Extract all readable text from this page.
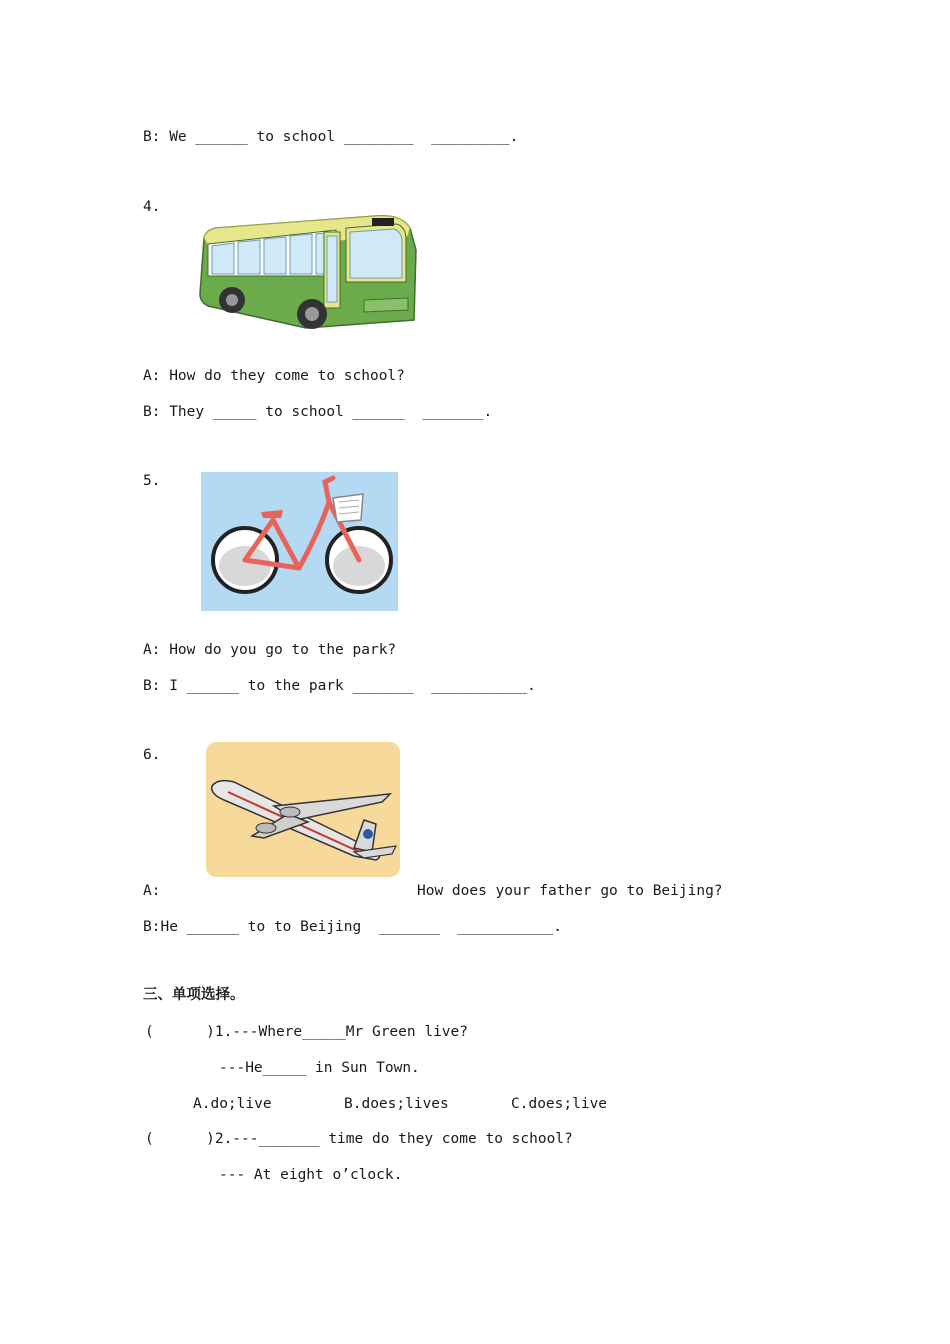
B: We ______ to school ________  _________.
4.
A: How do they come to school?
B: They _____ to school ______  _______.
5.
A: How do you go to the park?
B: I ______ to the park _______  ___________.
6.
A:	How does your father go to Beijing?
B:He ______ to to Beijing  _______  ___________.
三、单项选择。
(      )1.---Where_____Mr Green live?
---He_____ in Sun Town.
A.do;live	B.does;lives	C.does;live
(      )2.---_______ time do they come to school?
--- At eight o’clock.
